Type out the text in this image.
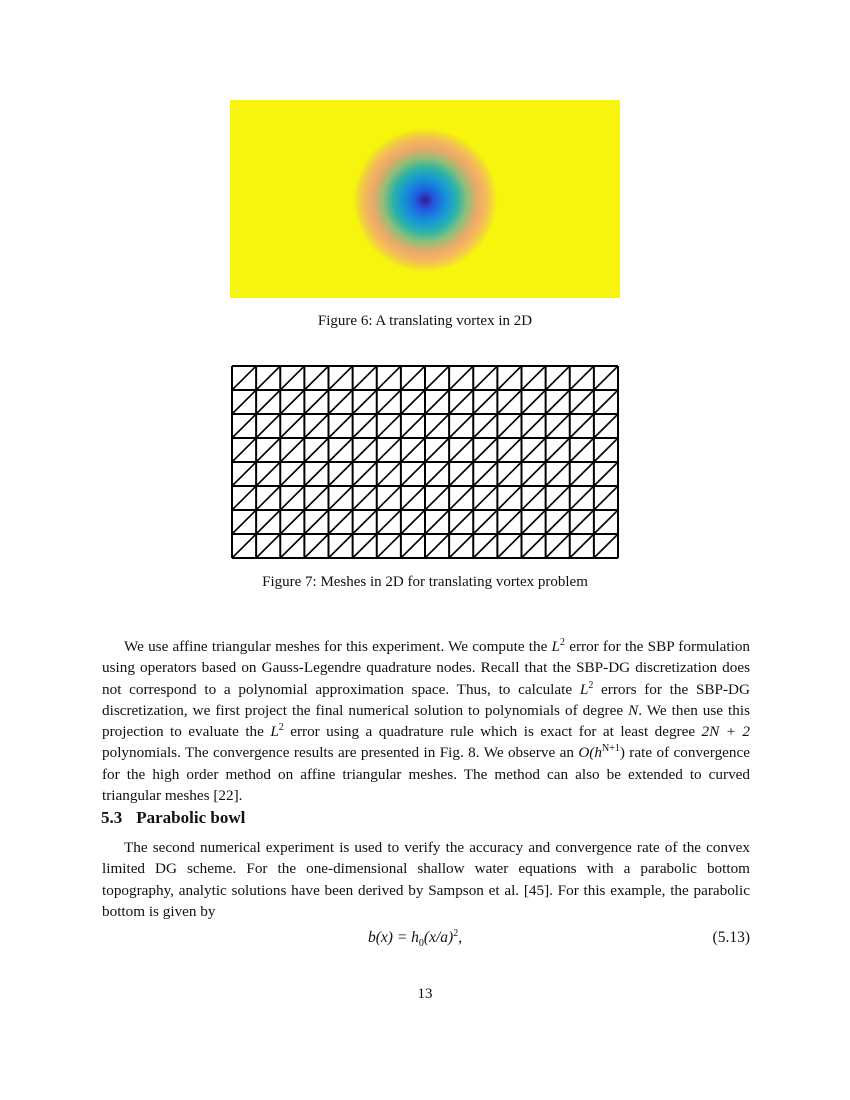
Figure 6: A translating vortex in 2D
Figure 7: Meshes in 2D for translating vortex problem

We use affine triangular meshes for this experiment. We compute the $L^2$ error for the SBP formulation using operators based on Gauss-Legendre quadrature nodes. Recall that the SBP-DG discretization does not correspond to a polynomial approximation space. Thus, to calculate $L^2$ errors for the SBP-DG discretization, we first project the final numerical solution to polynomials of degree N. We then use this projection to evaluate the $L^2$ error using a quadrature rule which is exact for at least degree 2N + 2 polynomials. The convergence results are presented in Fig. 8. We observe an $O(h^{N+1})$ rate of convergence for the high order method on affine triangular meshes. The method can also be extended to curved triangular meshes [22].

5.3 Parabolic bowl

The second numerical experiment is used to verify the accuracy and convergence rate of the convex limited DG scheme. For the one-dimensional shallow water equations with a parabolic bottom topography, analytic solutions have been derived by Sampson et al. [45]. For this example, the parabolic bottom is given by

$b(x) = h_0(x/a)^2$,	(5.13)
13
